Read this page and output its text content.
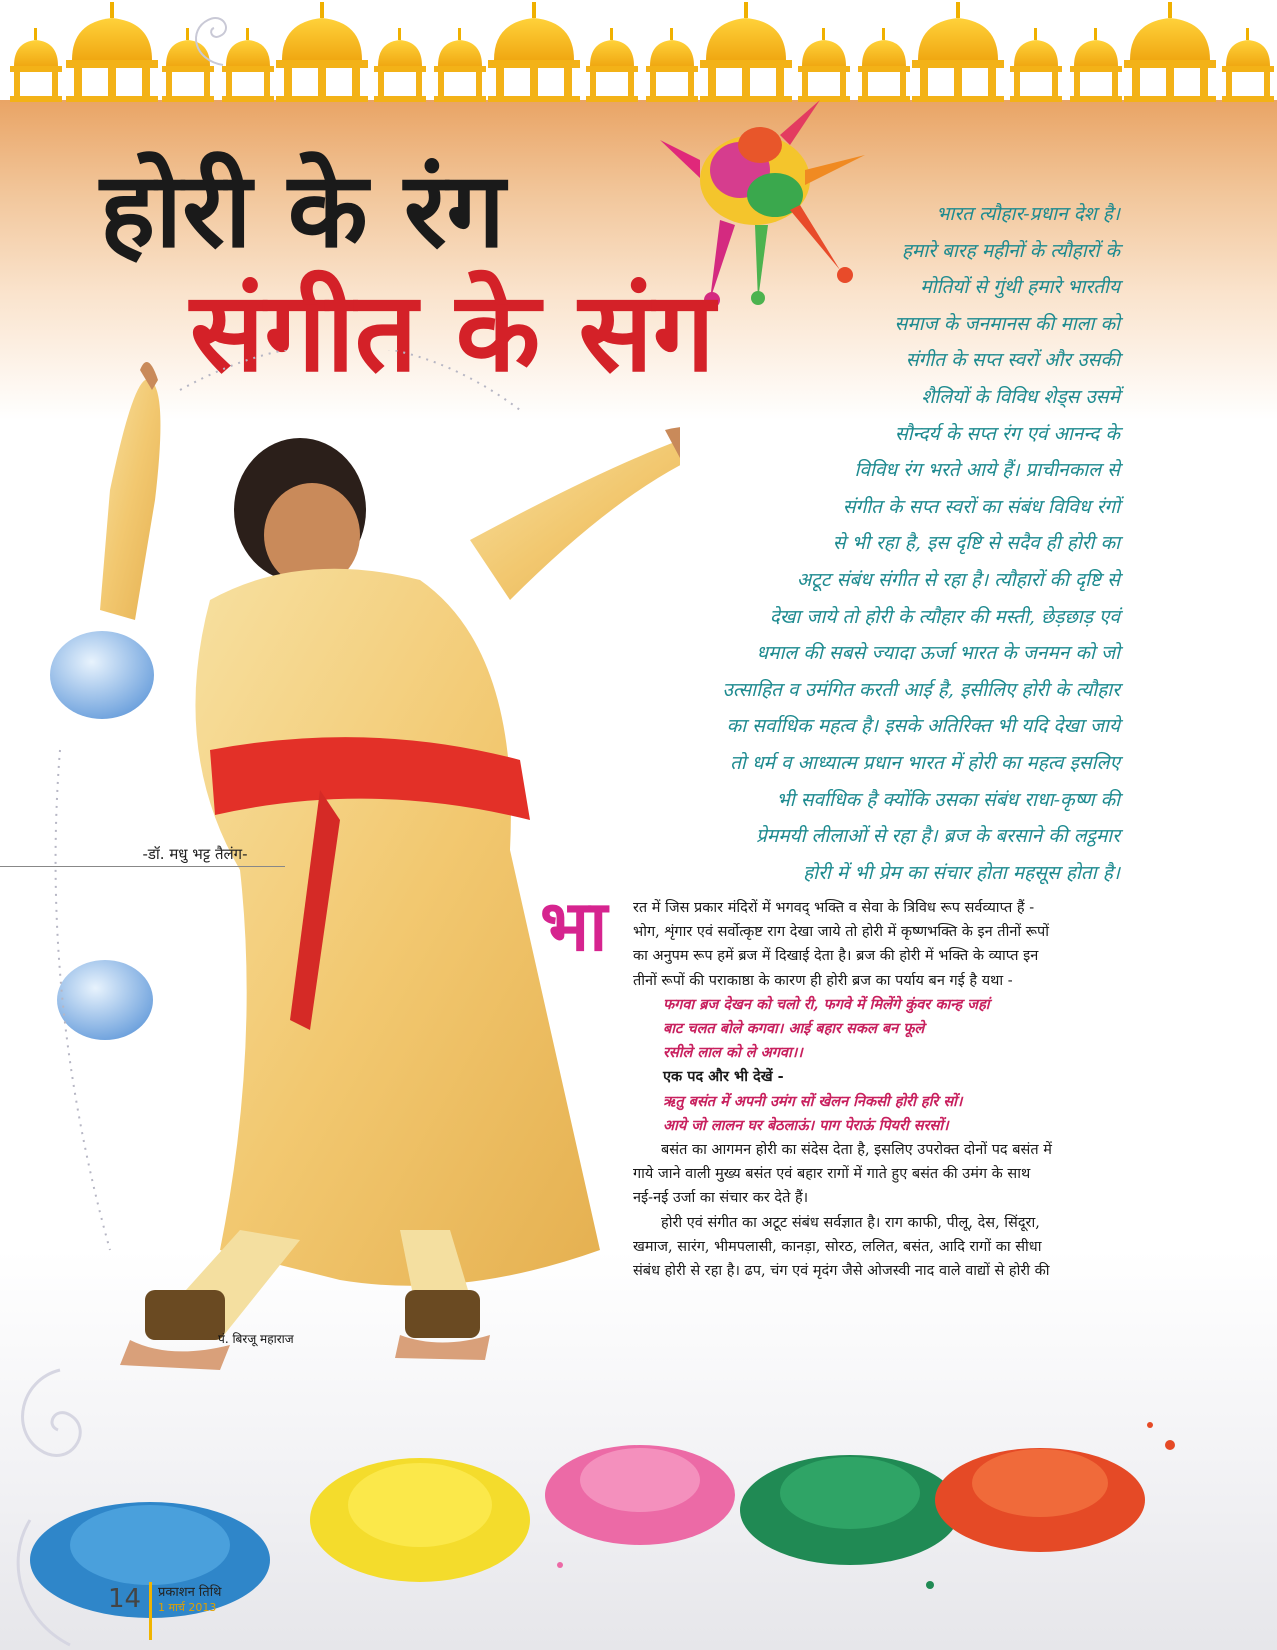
होरी के रंग
संगीत के संग
-डॉ. मधु भट्ट तैलंग-
पं. बिरजू महाराज
भारत त्यौहार-प्रधान देश है।
हमारे बारह महीनों के त्यौहारों के
मोतियों से गुंथी हमारे भारतीय
समाज के जनमानस की माला को
संगीत के सप्त स्वरों और उसकी
शैलियों के विविध शेड्स उसमें
सौन्दर्य के सप्त रंग एवं आनन्द के
विविध रंग भरते आये हैं। प्राचीनकाल से
संगीत के सप्त स्वरों का संबंध विविध रंगों
से भी रहा है, इस दृष्टि से सदैव ही होरी का
अटूट संबंध संगीत से रहा है। त्यौहारों की दृष्टि से
देखा जाये तो होरी के त्यौहार की मस्ती, छेड़छाड़ एवं
धमाल की सबसे ज्यादा ऊर्जा भारत के जनमन को जो
उत्साहित व उमंगित करती आई है, इसीलिए होरी के त्यौहार
का सर्वाधिक महत्व है। इसके अतिरिक्त भी यदि देखा जाये
तो धर्म व आध्यात्म प्रधान भारत में होरी का महत्व इसलिए
भी सर्वाधिक है क्योंकि उसका संबंध राधा-कृष्ण की
प्रेममयी लीलाओं से रहा है। ब्रज के बरसाने की लट्ठमार
होरी में भी प्रेम का संचार होता महसूस होता है।
भा रत में जिस प्रकार मंदिरों में भगवद् भक्ति व सेवा के त्रिविध रूप सर्वव्याप्त हैं -
भोग, शृंगार एवं सर्वोत्कृष्ट राग देखा जाये तो होरी में कृष्णभक्ति के इन तीनों रूपों
का अनुपम रूप हमें ब्रज में दिखाई देता है। ब्रज की होरी में भक्ति के व्याप्त इन
तीनों रूपों की पराकाष्ठा के कारण ही होरी ब्रज का पर्याय बन गई है यथा -
फगवा ब्रज देखन को चलो री, फगवे में मिलेंगे कुंवर कान्ह जहां
बाट चलत बोले कगवा। आई बहार सकल बन फूले
रसीले लाल को ले अगवा।।
एक पद और भी देखें -
ऋतु बसंत में अपनी उमंग सों खेलन निकसी होरी हरि सों।
आये जो लालन घर बेठलाऊं। पाग पेराऊं पियरी सरसों।
बसंत का आगमन होरी का संदेस देता है, इसलिए उपरोक्त दोनों पद बसंत में
गाये जाने वाली मुख्य बसंत एवं बहार रागों में गाते हुए बसंत की उमंग के साथ
नई-नई उर्जा का संचार कर देते हैं।
होरी एवं संगीत का अटूट संबंध सर्वज्ञात है। राग काफी, पीलू, देस, सिंदूरा,
खमाज, सारंग, भीमपलासी, कानड़ा, सोरठ, ललित, बसंत, आदि रागों का सीधा
संबंध होरी से रहा है। ढप, चंग एवं मृदंग जैसे ओजस्वी नाद वाले वाद्यों से होरी की
14 प्रकाशन तिथि
1 मार्च 2013
